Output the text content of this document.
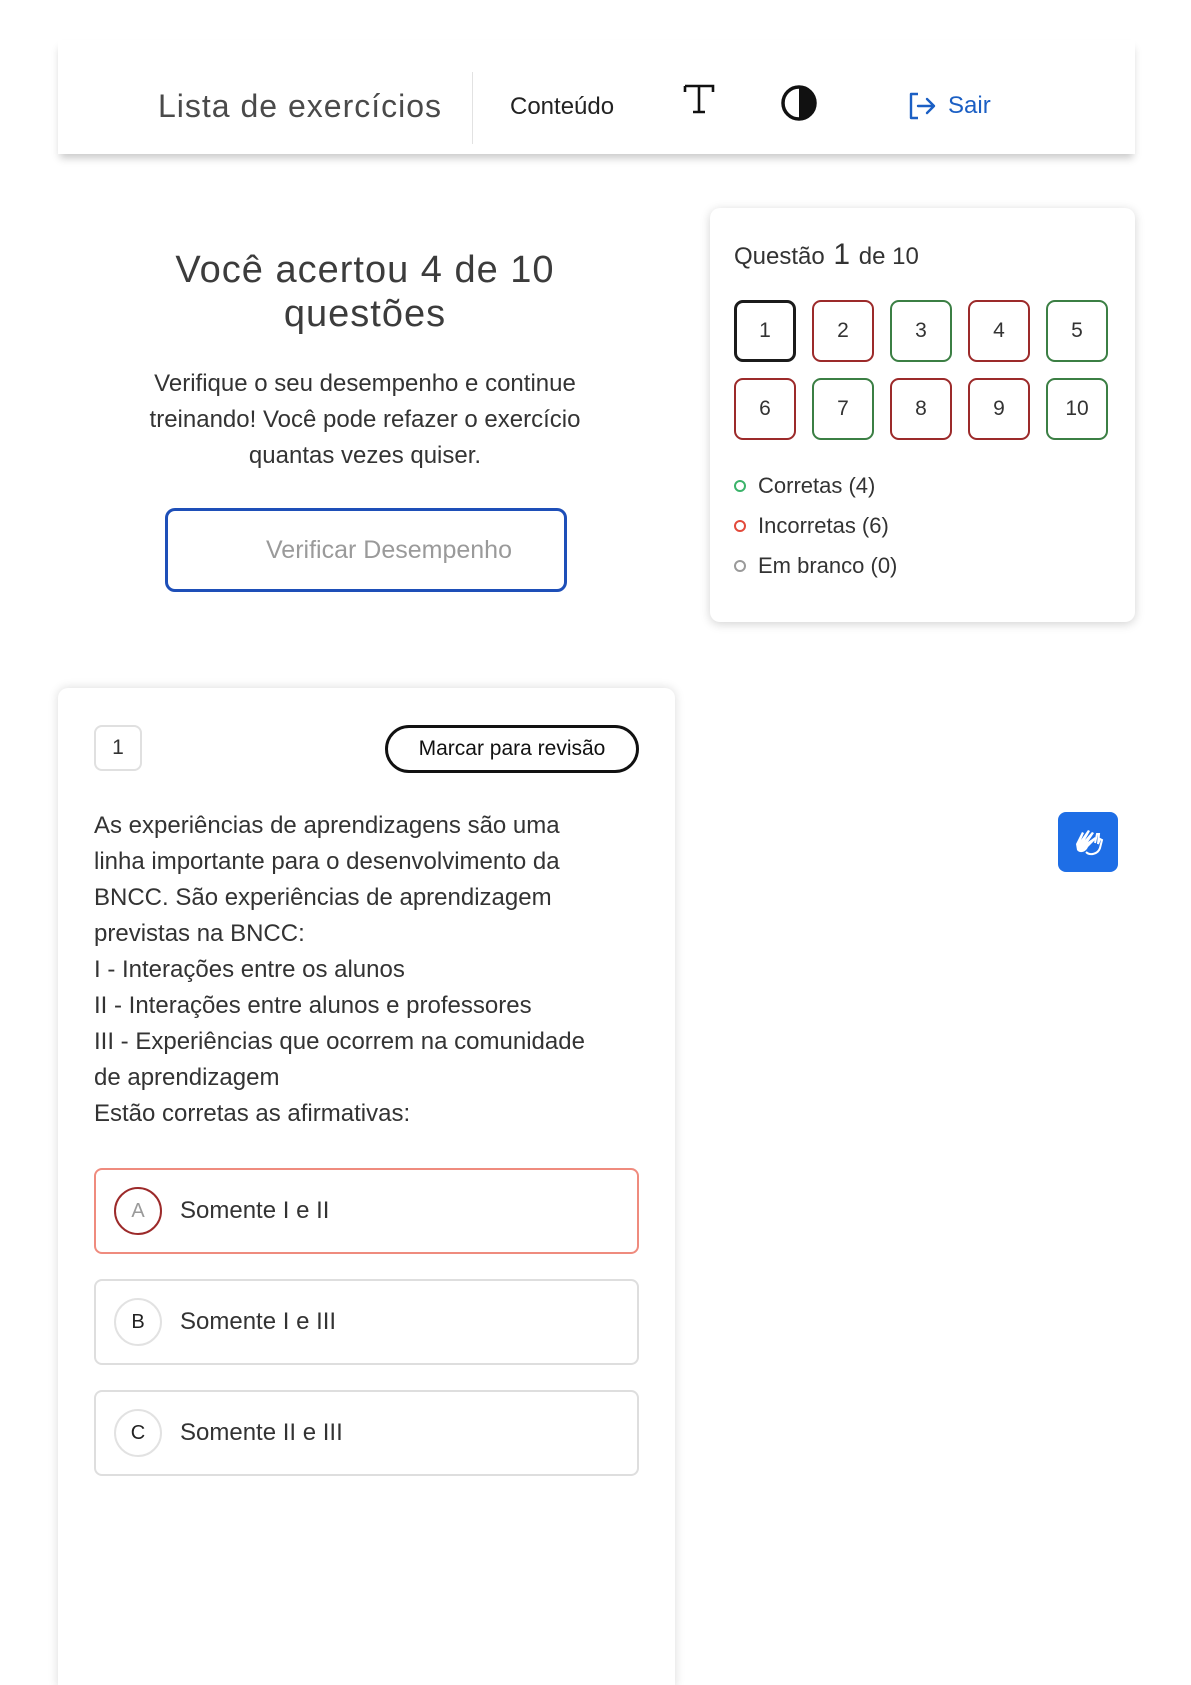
Lista de exercícios	Conteúdo	Sair
Você acertou 4 de 10 questões
Verifique o seu desempenho e continue treinando! Você pode refazer o exercício quantas vezes quiser.
Verificar Desempenho
Questão 1 de 10
1	2	3	4	5
6	7	8	9	10
Corretas (4)
Incorretas (6)
Em branco (0)
1	Marcar para revisão
As experiências de aprendizagens são uma
linha importante para o desenvolvimento da
BNCC. São experiências de aprendizagem
previstas na BNCC:
I - Interações entre os alunos
II - Interações entre alunos e professores
III - Experiências que ocorrem na comunidade
de aprendizagem
Estão corretas as afirmativas:
A	Somente I e II
B	Somente I e III
C	Somente II e III
